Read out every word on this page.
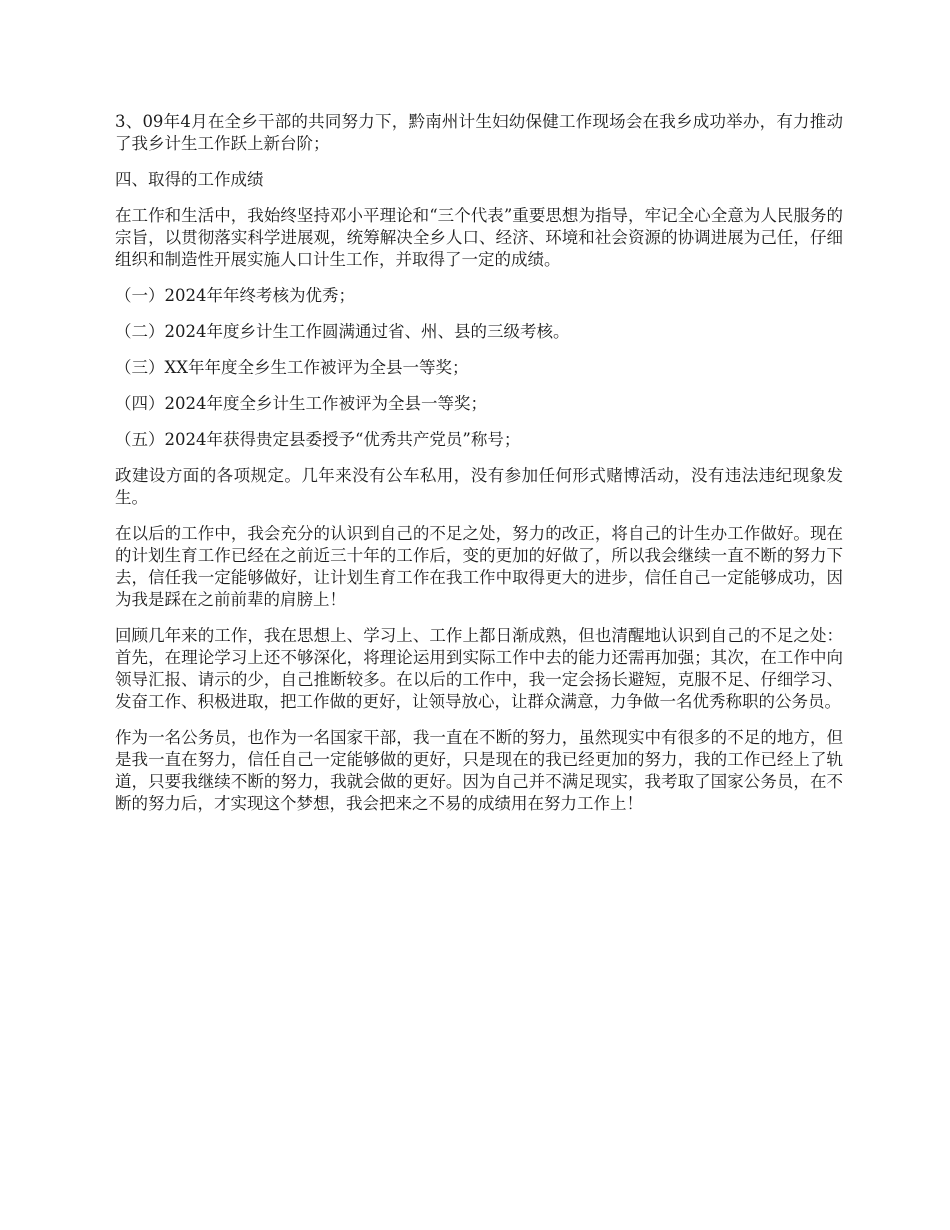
3、09年4月在全乡干部的共同努力下，黔南州计生妇幼保健工作现场会在我乡成功举办，有力推动了我乡计生工作跃上新台阶；

四、取得的工作成绩

在工作和生活中，我始终坚持邓小平理论和“三个代表”重要思想为指导，牢记全心全意为人民服务的宗旨，以贯彻落实科学进展观，统筹解决全乡人口、经济、环境和社会资源的协调进展为己任，仔细组织和制造性开展实施人口计生工作，并取得了一定的成绩。

（一）2024年年终考核为优秀；

（二）2024年度乡计生工作圆满通过省、州、县的三级考核。

（三）XX年年度全乡生工作被评为全县一等奖；

（四）2024年度全乡计生工作被评为全县一等奖；

（五）2024年获得贵定县委授予“优秀共产党员”称号；

政建设方面的各项规定。几年来没有公车私用，没有参加任何形式赌博活动，没有违法违纪现象发生。

在以后的工作中，我会充分的认识到自己的不足之处，努力的改正，将自己的计生办工作做好。现在的计划生育工作已经在之前近三十年的工作后，变的更加的好做了，所以我会继续一直不断的努力下去，信任我一定能够做好，让计划生育工作在我工作中取得更大的进步，信任自己一定能够成功，因为我是踩在之前前辈的肩膀上！

回顾几年来的工作，我在思想上、学习上、工作上都日渐成熟，但也清醒地认识到自己的不足之处：首先，在理论学习上还不够深化，将理论运用到实际工作中去的能力还需再加强；其次，在工作中向领导汇报、请示的少，自己推断较多。在以后的工作中，我一定会扬长避短，克服不足、仔细学习、发奋工作、积极进取，把工作做的更好，让领导放心，让群众满意，力争做一名优秀称职的公务员。

作为一名公务员，也作为一名国家干部，我一直在不断的努力，虽然现实中有很多的不足的地方，但是我一直在努力，信任自己一定能够做的更好，只是现在的我已经更加的努力，我的工作已经上了轨道，只要我继续不断的努力，我就会做的更好。因为自己并不满足现实，我考取了国家公务员，在不断的努力后，才实现这个梦想，我会把来之不易的成绩用在努力工作上！
